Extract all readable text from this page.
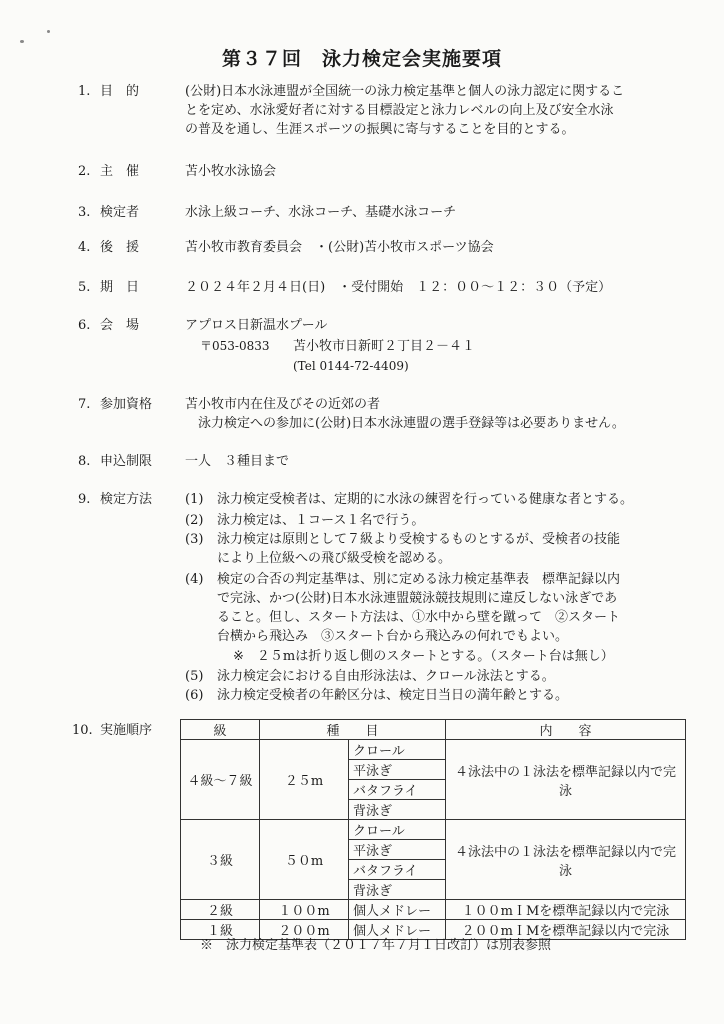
第３７回　泳力検定会実施要項
1. 目　的	(公財)日本水泳連盟が全国統一の泳力検定基準と個人の泳力認定に関するこ
とを定め、水泳愛好者に対する目標設定と泳力レベルの向上及び安全水泳
の普及を通し、生涯スポーツの振興に寄与することを目的とする。
2. 主　催	苫小牧水泳協会
3. 検定者	水泳上級コーチ、水泳コーチ、基礎水泳コーチ
4. 後　援	苫小牧市教育委員会　・(公財)苫小牧市スポーツ協会
5. 期　日	２０２４年２月４日(日)　・受付開始　１２：００～１２：３０（予定）
6. 会　場	アプロス日新温水プール
〒053-0833 苫小牧市日新町２丁目２－４１
(Tel 0144-72-4409)
7. 参加資格	苫小牧市内在住及びその近郊の者
　泳力検定への参加に(公財)日本水泳連盟の選手登録等は必要ありません。
8. 申込制限	一人　３種目まで
9. 検定方法	(1) 泳力検定受検者は、定期的に水泳の練習を行っている健康な者とする。
(2) 泳力検定は、１コース１名で行う。
(3) 泳力検定は原則として７級より受検するものとするが、受検者の技能
により上位級への飛び級受検を認める。
(4) 検定の合否の判定基準は、別に定める泳力検定基準表　標準記録以内
で完泳、かつ(公財)日本水泳連盟競泳競技規則に違反しない泳ぎであ
ること。但し、スタート方法は、①水中から壁を蹴って　②スタート
台横から飛込み　③スタート台から飛込みの何れでもよい。
※　２５mは折り返し側のスタートとする。（スタート台は無し）
(5) 泳力検定会における自由形泳法は、クロール泳法とする。
(6) 泳力検定受検者の年齢区分は、検定日当日の満年齢とする。
10. 実施順序	級	種　　目		内　　容
４級～７級	２５m	クロール	４泳法中の１泳法を標準記録以内で完泳
		平泳ぎ	
		バタフライ	
		背泳ぎ	
３級	５０m	クロール	４泳法中の１泳法を標準記録以内で完泳
		平泳ぎ	
		バタフライ	
		背泳ぎ	
２級	１００m	個人メドレー	１００mＩMを標準記録以内で完泳
１級	２００m	個人メドレー	２００mＩMを標準記録以内で完泳
※　泳力検定基準表（２０１７年７月１日改訂）は別表参照
